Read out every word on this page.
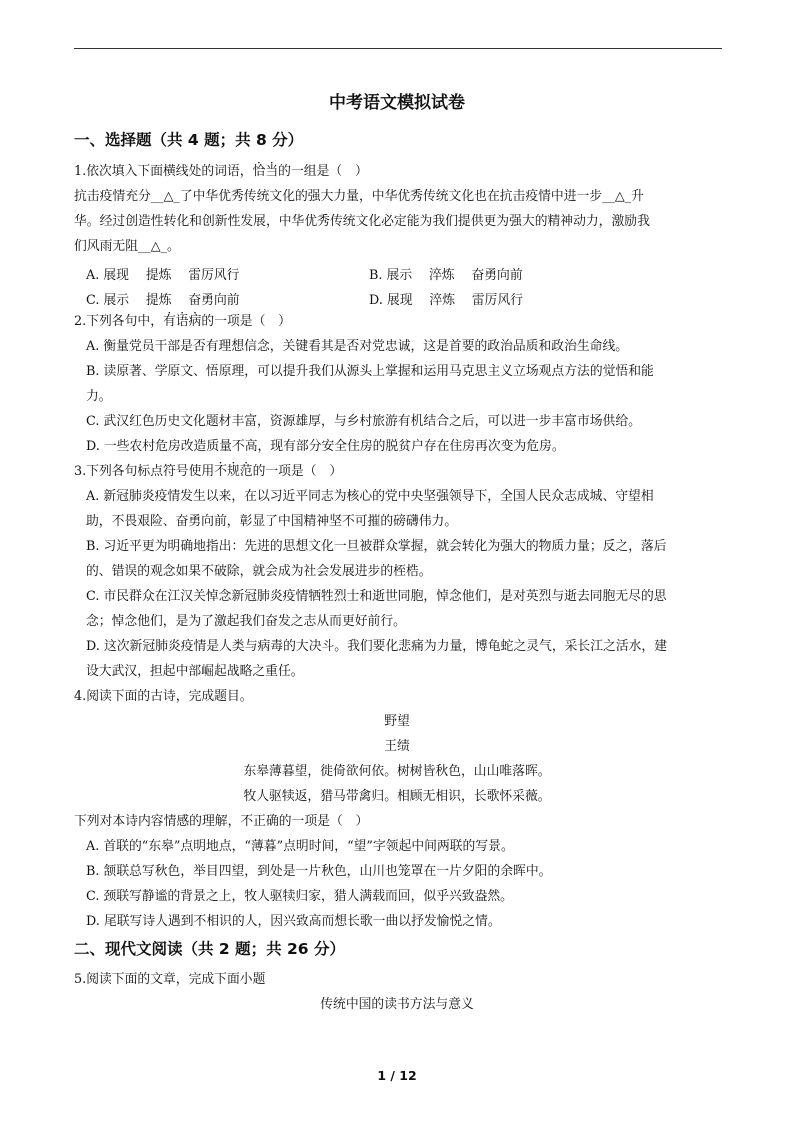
中考语文模拟试卷
一、选择题（共 4 题；共 8 分）
1.依次填入下面横线处的词语，恰当的一组是（　）
抗击疫情充分__△_了中华优秀传统文化的强大力量，中华优秀传统文化也在抗击疫情中进一步__△_升
华。经过创造性转化和创新性发展，中华优秀传统文化必定能为我们提供更为强大的精神动力，激励我
们风雨无阻__△_。
A. 展现　 提炼　 雷厉风行	B. 展示　 淬炼　 奋勇向前
C. 展示　 提炼　 奋勇向前	D. 展现　 淬炼　 雷厉风行
2.下列各句中，有语病的一项是（　）
A. 衡量党员干部是否有理想信念，关键看其是否对党忠诚，这是首要的政治品质和政治生命线。
B. 读原著、学原文、悟原理，可以提升我们从源头上掌握和运用马克思主义立场观点方法的觉悟和能
力。
C. 武汉红色历史文化题材丰富，资源雄厚，与乡村旅游有机结合之后，可以进一步丰富市场供给。
D. 一些农村危房改造质量不高，现有部分安全住房的脱贫户存在住房再次变为危房。
3.下列各句标点符号使用不规范的一项是（　）
A. 新冠肺炎疫情发生以来，在以习近平同志为核心的党中央坚强领导下，全国人民众志成城、守望相
助，不畏艰险、奋勇向前，彰显了中国精神坚不可摧的磅礴伟力。
B. 习近平更为明确地指出：先进的思想文化一旦被群众掌握，就会转化为强大的物质力量；反之，落后
的、错误的观念如果不破除，就会成为社会发展进步的桎梏。
C. 市民群众在江汉关悼念新冠肺炎疫情牺牲烈士和逝世同胞，悼念他们，是对英烈与逝去同胞无尽的思
念；悼念他们，是为了激起我们奋发之志从而更好前行。
D. 这次新冠肺炎疫情是人类与病毒的大决斗。我们要化悲痛为力量，博龟蛇之灵气，采长江之活水，建
设大武汉，担起中部崛起战略之重任。
4.阅读下面的古诗，完成题目。
野望
王绩
东皋薄暮望，徙倚欲何依。树树皆秋色，山山唯落晖。
牧人驱犊返，猎马带禽归。相顾无相识，长歌怀采薇。
下列对本诗内容情感的理解，不正确的一项是（　）
A. 首联的“东皋”点明地点，“薄暮”点明时间，“望”字领起中间两联的写景。
B. 颔联总写秋色，举目四望，到处是一片秋色，山川也笼罩在一片夕阳的余晖中。
C. 颈联写静谧的背景之上，牧人驱犊归家，猎人满载而回，似乎兴致盎然。
D. 尾联写诗人遇到不相识的人，因兴致高而想长歌一曲以抒发愉悦之情。
二、现代文阅读（共 2 题；共 26 分）
5.阅读下面的文章，完成下面小题
传统中国的读书方法与意义
1 / 12
